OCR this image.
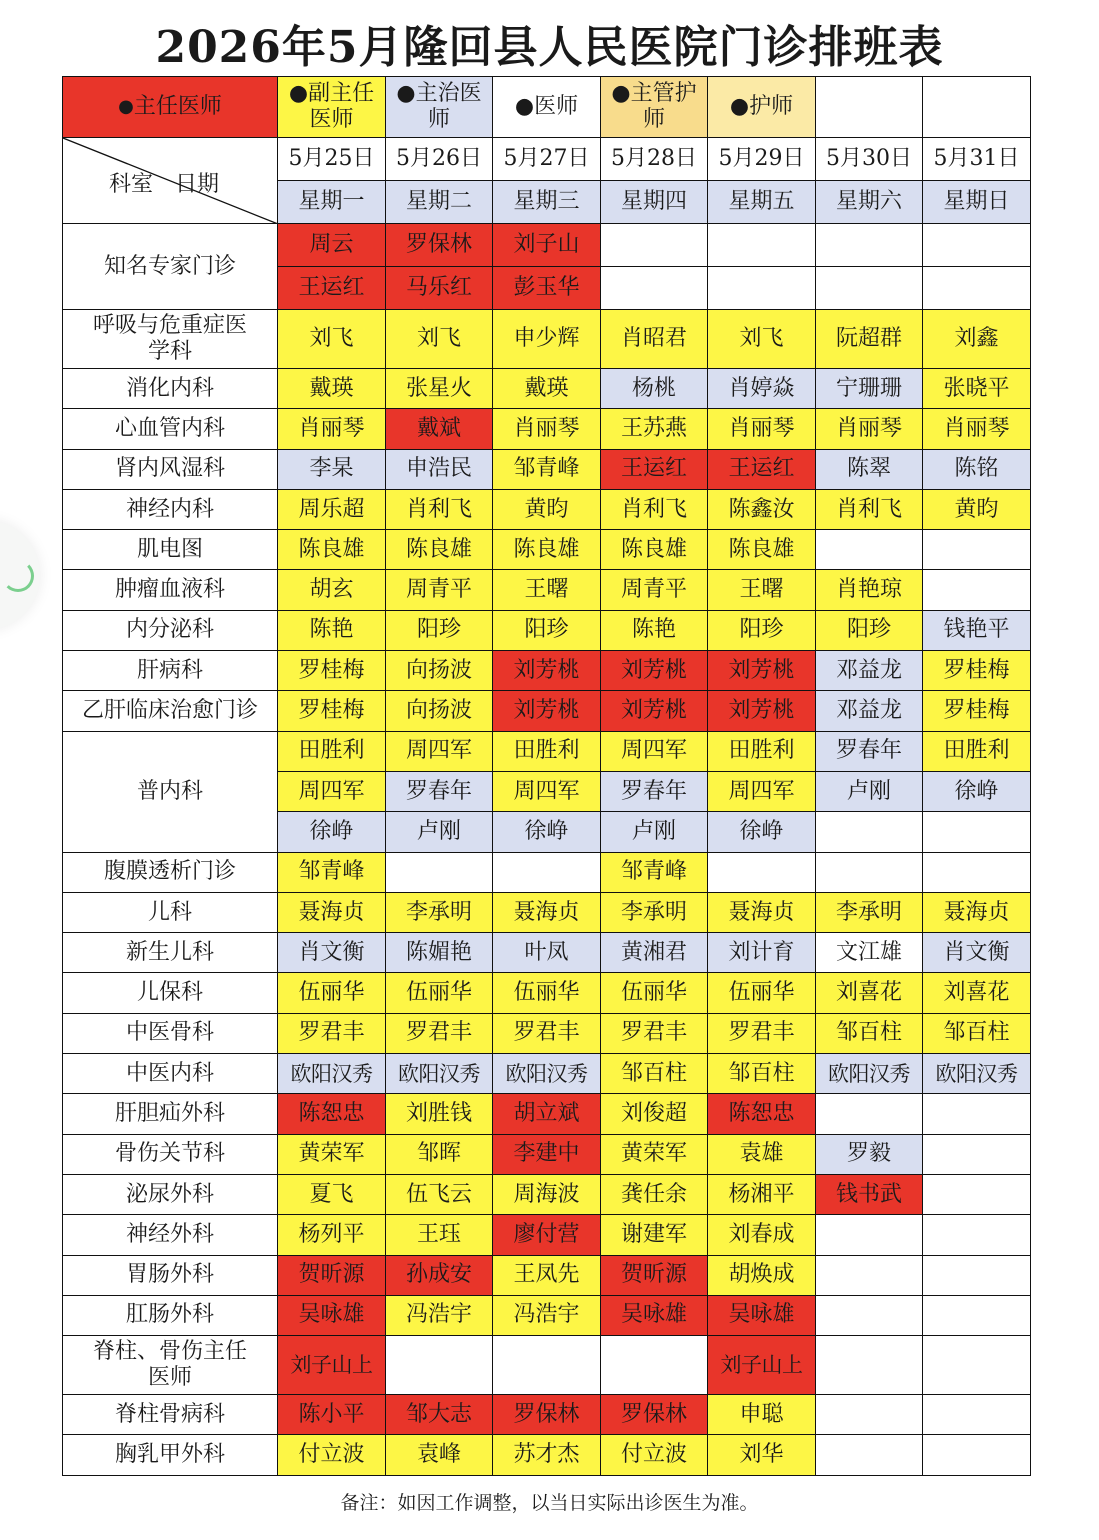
2026年5月隆回县人民医院门诊排班表
●主任医师	●副主任医师	●主治医师	●医师	●主管护师	●护师		

科室　日期	5月25日	5月26日	5月27日	5月28日	5月29日	5月30日	5月31日
	星期一	星期二	星期三	星期四	星期五	星期六	星期日
知名专家门诊	周云	罗保林	刘子山				
	王运红	马乐红	彭玉华				
呼吸与危重症医学科	刘飞	刘飞	申少辉	肖昭君	刘飞	阮超群	刘鑫
消化内科	戴瑛	张星火	戴瑛	杨桃	肖婷焱	宁珊珊	张晓平
心血管内科	肖丽琴	戴斌	肖丽琴	王苏燕	肖丽琴	肖丽琴	肖丽琴
肾内风湿科	李杲	申浩民	邹青峰	王运红	王运红	陈翠	陈铭
神经内科	周乐超	肖利飞	黄昀	肖利飞	陈鑫汝	肖利飞	黄昀
肌电图	陈良雄	陈良雄	陈良雄	陈良雄	陈良雄		
肿瘤血液科	胡玄	周青平	王曙	周青平	王曙	肖艳琼	
内分泌科	陈艳	阳珍	阳珍	陈艳	阳珍	阳珍	钱艳平
肝病科	罗桂梅	向扬波	刘芳桃	刘芳桃	刘芳桃	邓益龙	罗桂梅
乙肝临床治愈门诊	罗桂梅	向扬波	刘芳桃	刘芳桃	刘芳桃	邓益龙	罗桂梅
普内科	田胜利	周四军	田胜利	周四军	田胜利	罗春年	田胜利
	周四军	罗春年	周四军	罗春年	周四军	卢刚	徐峥
	徐峥	卢刚	徐峥	卢刚	徐峥		
腹膜透析门诊	邹青峰			邹青峰			
儿科	聂海贞	李承明	聂海贞	李承明	聂海贞	李承明	聂海贞
新生儿科	肖文衡	陈媚艳	叶凤	黄湘君	刘计育	文江雄	肖文衡
儿保科	伍丽华	伍丽华	伍丽华	伍丽华	伍丽华	刘喜花	刘喜花
中医骨科	罗君丰	罗君丰	罗君丰	罗君丰	罗君丰	邹百柱	邹百柱
中医内科	欧阳汉秀	欧阳汉秀	欧阳汉秀	邹百柱	邹百柱	欧阳汉秀	欧阳汉秀
肝胆疝外科	陈恕忠	刘胜钱	胡立斌	刘俊超	陈恕忠		
骨伤关节科	黄荣军	邹晖	李建中	黄荣军	袁雄	罗毅	
泌尿外科	夏飞	伍飞云	周海波	龚任余	杨湘平	钱书武	
神经外科	杨列平	王珏	廖付营	谢建军	刘春成		
胃肠外科	贺昕源	孙成安	王凤先	贺昕源	胡焕成		
肛肠外科	吴咏雄	冯浩宇	冯浩宇	吴咏雄	吴咏雄		
脊柱、骨伤主任医师	刘子山上				刘子山上		
脊柱骨病科	陈小平	邹大志	罗保林	罗保林	申聪		
胸乳甲外科	付立波	袁峰	苏才杰	付立波	刘华		
备注：如因工作调整，以当日实际出诊医生为准。
